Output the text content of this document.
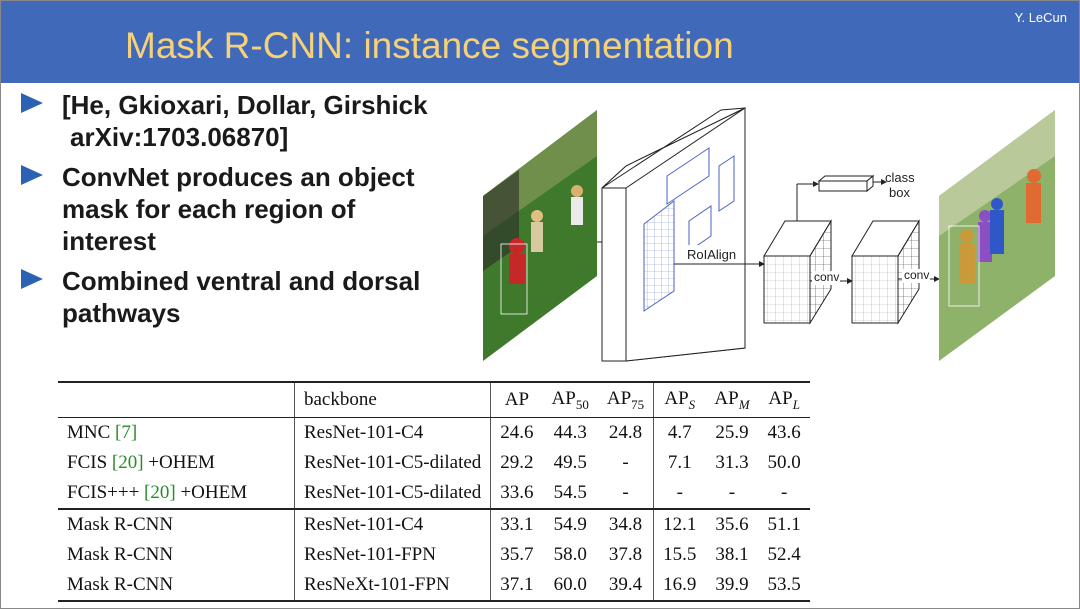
Mask R-CNN: instance segmentation
Y. LeCun
[He, Gkioxari, Dollar, Girshick
arXiv:1703.06870]
ConvNet produces an object
mask for each region of
interest
Combined ventral and dorsal
pathways
RoIAlign
class
box
conv	conv
	backbone	AP	$AP_{50}$	$AP_{75}$	$AP_S$	$AP_M$	$AP_L$
MNC [7]	ResNet-101-C4	24.6	44.3	24.8	4.7	25.9	43.6
FCIS [20] +OHEM	ResNet-101-C5-dilated	29.2	49.5	-	7.1	31.3	50.0
FCIS+++ [20] +OHEM	ResNet-101-C5-dilated	33.6	54.5	-	-	-	-
Mask R-CNN	ResNet-101-C4	33.1	54.9	34.8	12.1	35.6	51.1
Mask R-CNN	ResNet-101-FPN	35.7	58.0	37.8	15.5	38.1	52.4
Mask R-CNN	ResNeXt-101-FPN	37.1	60.0	39.4	16.9	39.9	53.5
